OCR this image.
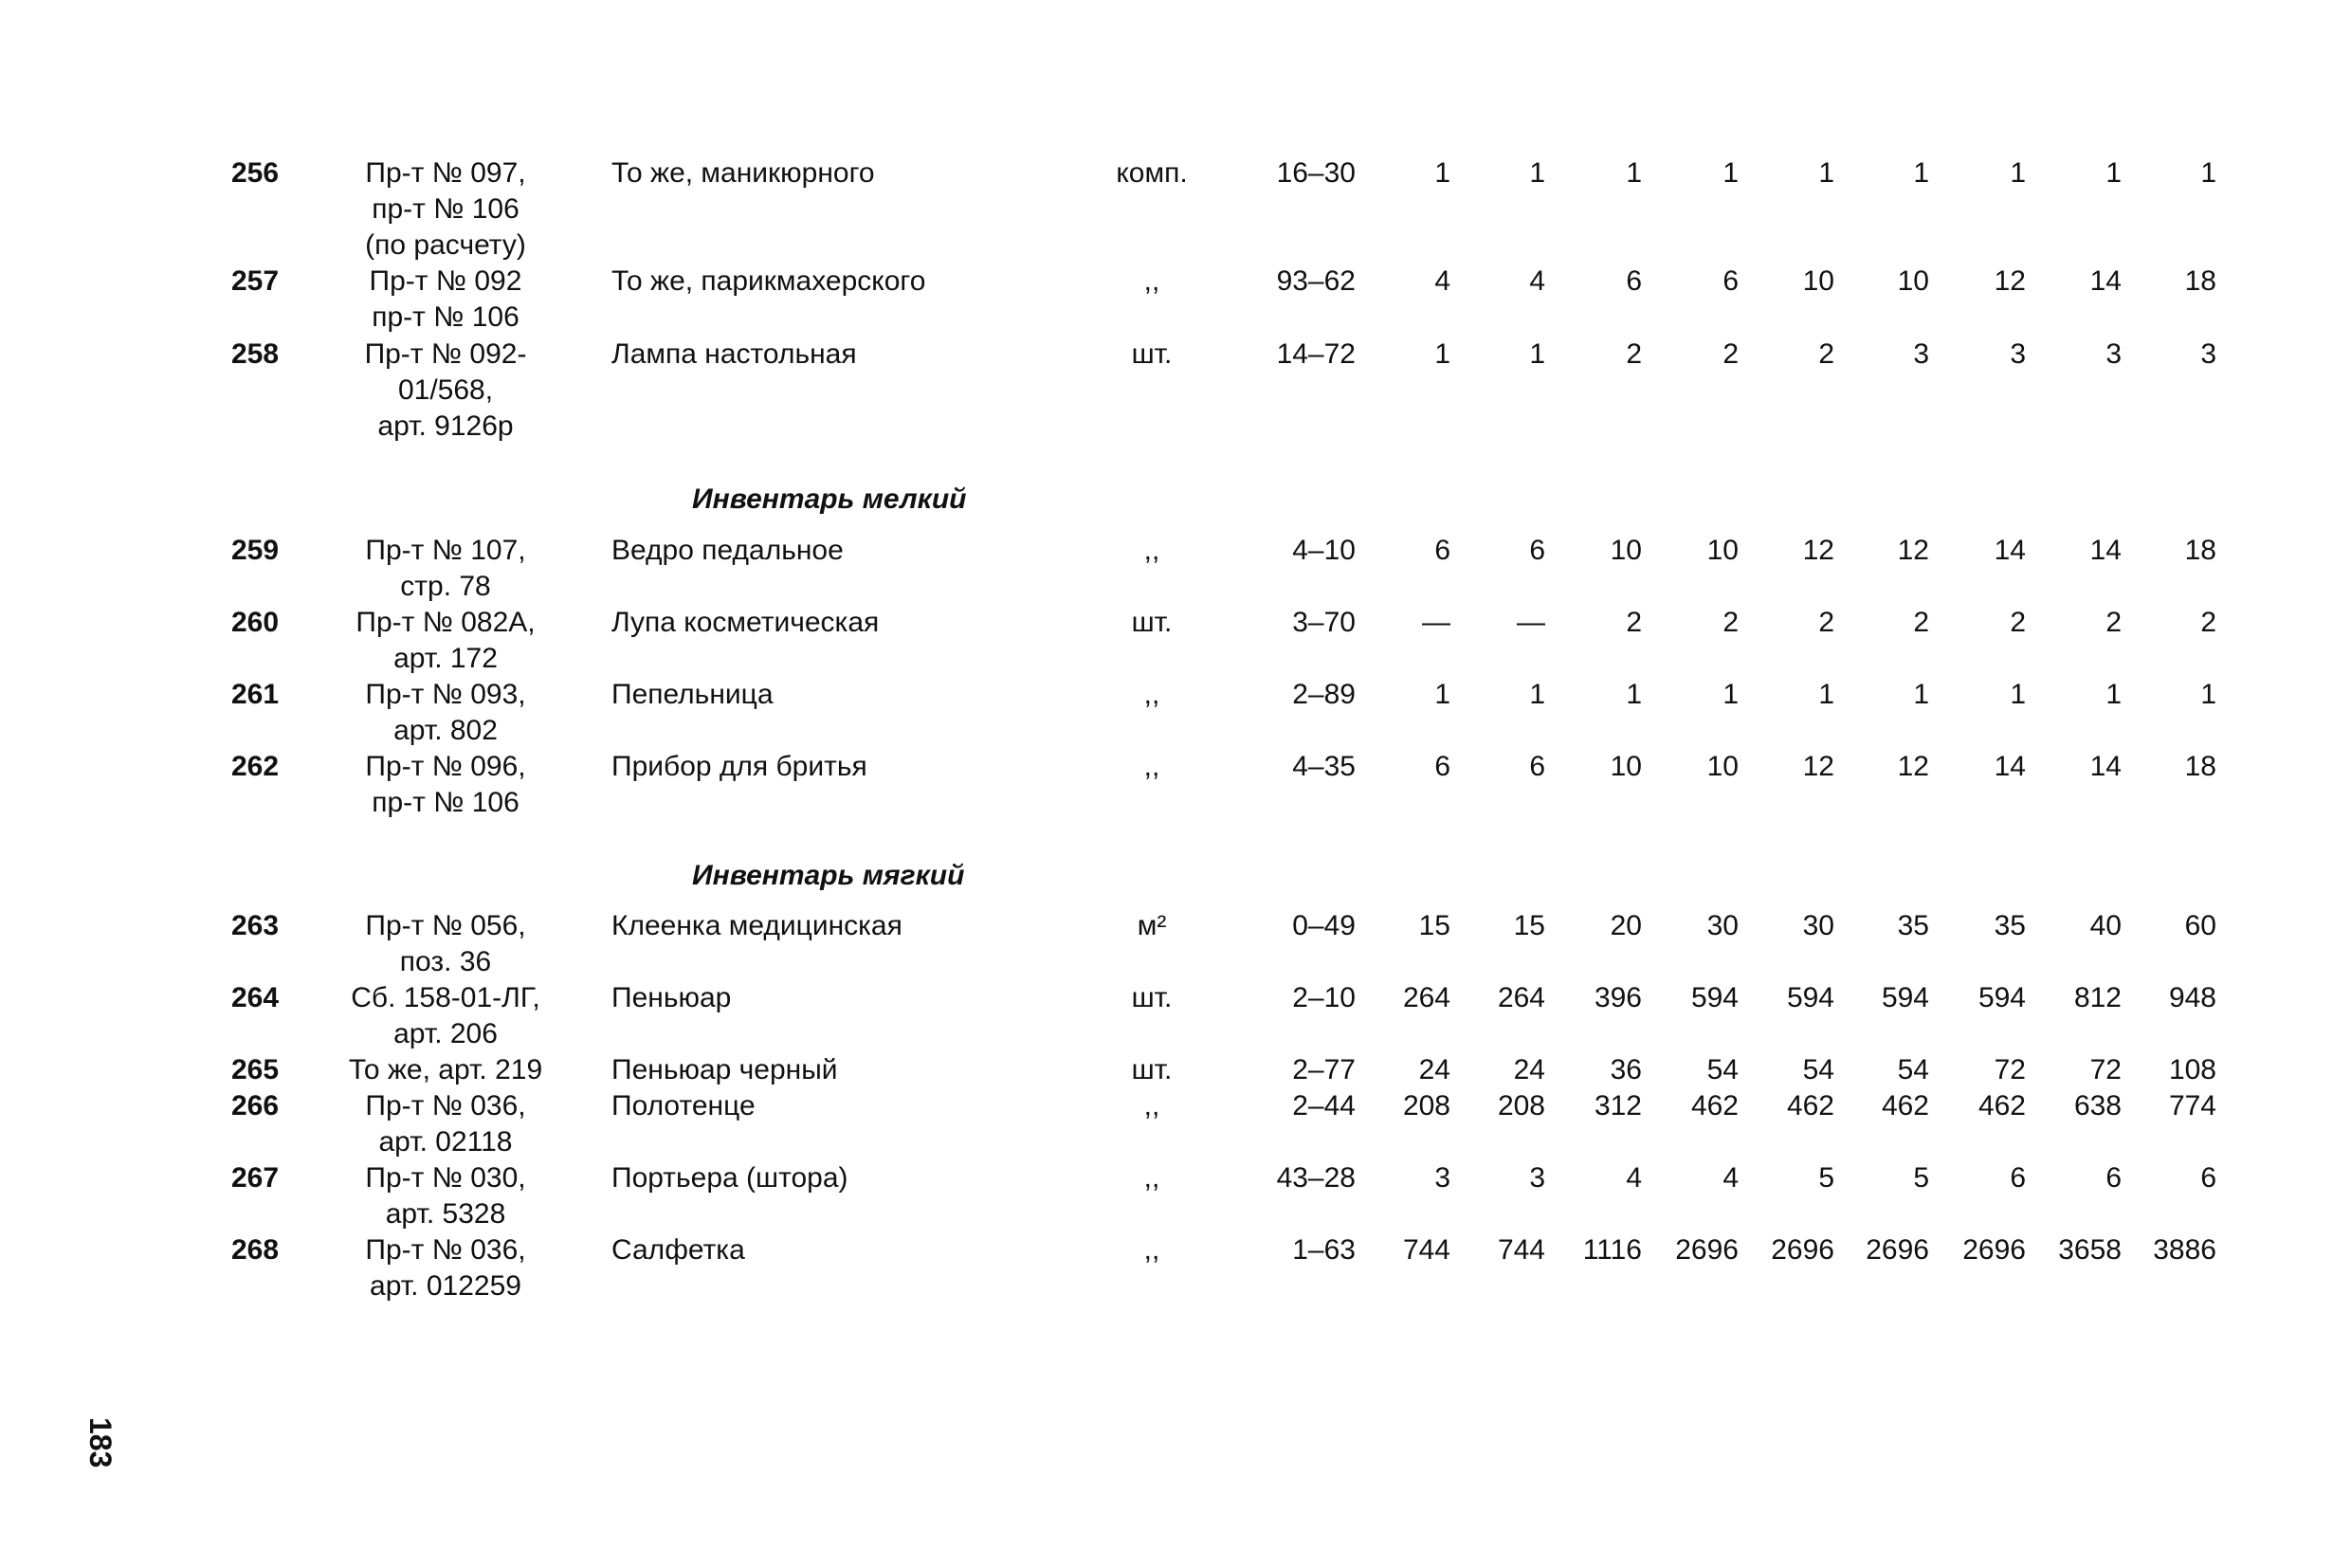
256	Пр-т № 097,
пр-т № 106
(по расчету)
То же, маникюрного	комп.	16–30	1	1	1	1	1	1	1	1	1
257	Пр-т № 092
пр-т № 106
То же, парикмахерского	,,	93–62	4	4	6	6	10	10	12	14	18
258	Пр-т № 092-
01/568,
арт. 9126р
Лампа настольная	шт.	14–72	1	1	2	2	2	3	3	3	3
259	Пр-т № 107,
стр. 78
Ведро педальное	,,	4–10	6	6	10	10	12	12	14	14	18
260	Пр-т № 082А,
арт. 172
Лупа косметическая	шт.	3–70	—	—	2	2	2	2	2	2	2
261	Пр-т № 093,
арт. 802
Пепельница	,,	2–89	1	1	1	1	1	1	1	1	1
262	Пр-т № 096,
пр-т № 106
Прибор для бритья	,,	4–35	6	6	10	10	12	12	14	14	18
263	Пр-т № 056,
поз. 36
Клеенка медицинская	м²	0–49	15	15	20	30	30	35	35	40	60
264	Сб. 158-01-ЛГ,
арт. 206
Пеньюар	шт.	2–10	264	264	396	594	594	594	594	812	948
265	То же, арт. 219	Пеньюар черный	шт.	2–77	24	24	36	54	54	54	72	72	108
266	Пр-т № 036,
арт. 02118
Полотенце	,,	2–44	208	208	312	462	462	462	462	638	774
267	Пр-т № 030,
арт. 5328
Портьера (штора)	,,	43–28	3	3	4	4	5	5	6	6	6
268	Пр-т № 036,
арт. 012259
Салфетка	,,	1–63	744	744	1116	2696	2696	2696	2696	3658	3886
Инвентарь мелкий
Инвентарь мягкий
183
